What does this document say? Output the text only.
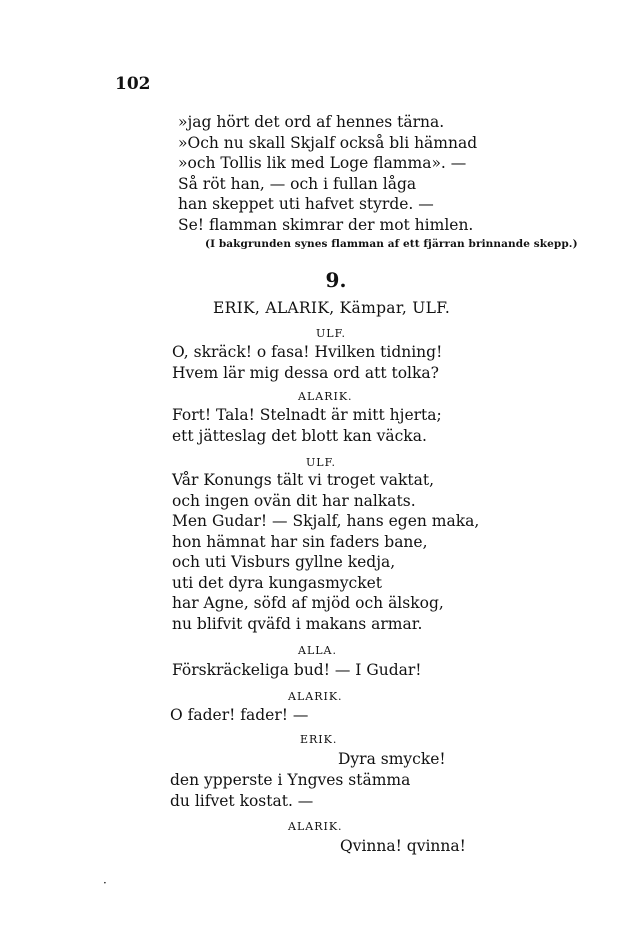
102
»jag hört det ord af hennes tärna.
»Och nu skall Skjalf också bli hämnad
»och Tollis lik med Loge flamma». —
Så röt han, — och i fullan låga
han skeppet uti hafvet styrde. —
Se! flamman skimrar der mot himlen.
(I bakgrunden synes flamman af ett fjärran brinnande skepp.)
9.
ERIK, ALARIK, Kämpar, ULF.
ULF.
O, skräck! o fasa! Hvilken tidning!
Hvem lär mig dessa ord att tolka?
ALARIK.
Fort! Tala! Stelnadt är mitt hjerta;
ett jätteslag det blott kan väcka.
ULF.
Vår Konungs tält vi troget vaktat,
och ingen ovän dit har nalkats.
Men Gudar! — Skjalf, hans egen maka,
hon hämnat har sin faders bane,
och uti Visburs gyllne kedja,
uti det dyra kungasmycket
har Agne, söfd af mjöd och älskog,
nu blifvit qväfd i makans armar.
ALLA.
Förskräckeliga bud! — I Gudar!
ALARIK.
O fader! fader! —
ERIK.
Dyra smycke!
den ypperste i Yngves stämma
du lifvet kostat. —
ALARIK.
Qvinna! qvinna!
·
